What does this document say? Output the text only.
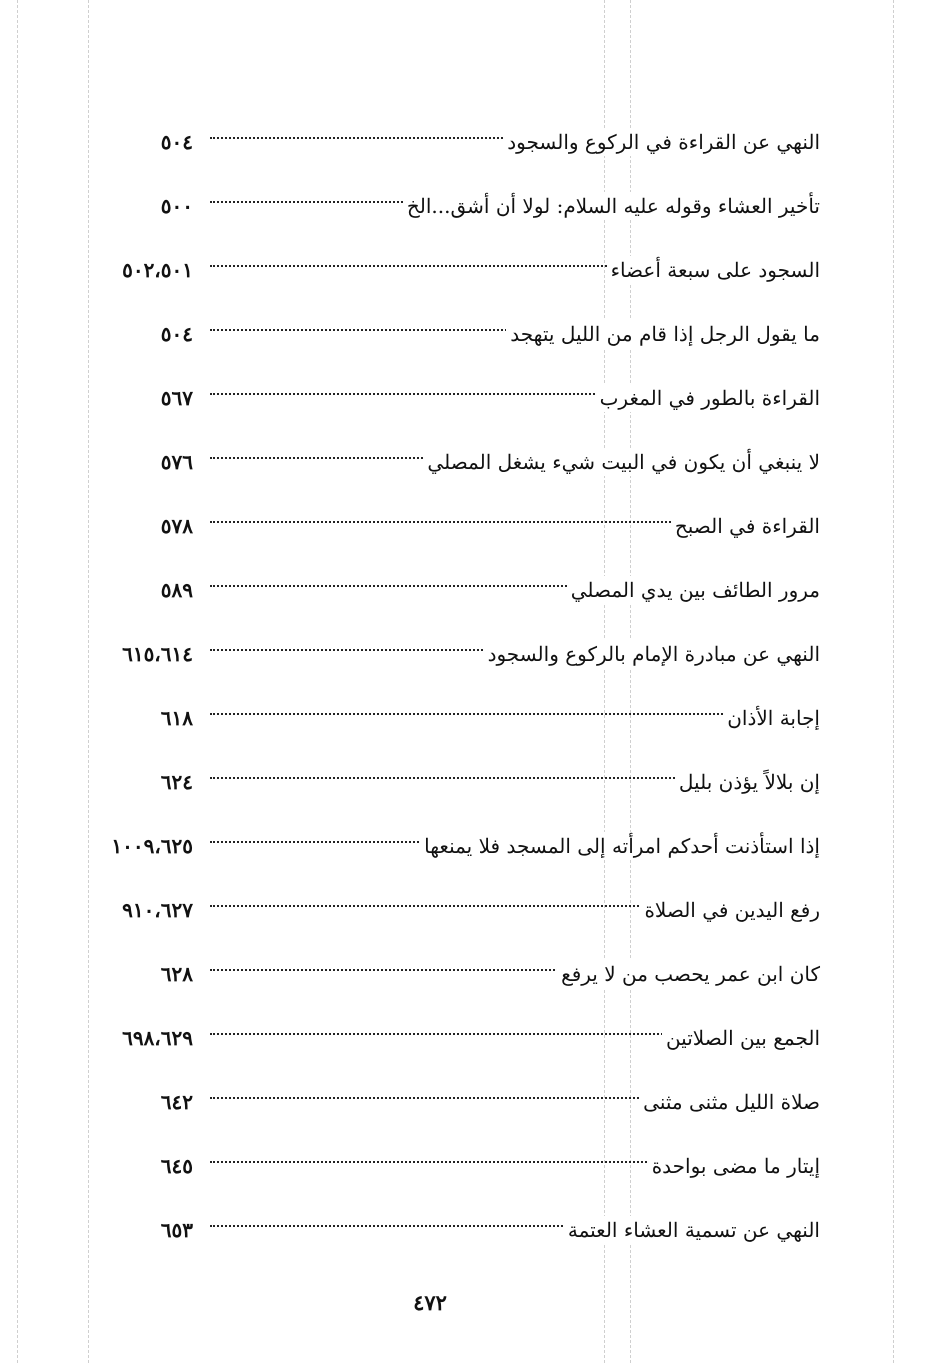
٥٠٤	النهي عن القراءة في الركوع والسجود
٥٠٠	تأخير العشاء وقوله عليه السلام: لولا أن أشق...الخ
٥٠٢،٥٠١	السجود على سبعة أعضاء
٥٠٤	ما يقول الرجل إذا قام من الليل يتهجد
٥٦٧	القراءة بالطور في المغرب
٥٧٦	لا ينبغي أن يكون في البيت شيء يشغل المصلي
٥٧٨	القراءة في الصبح
٥٨٩	مرور الطائف بين يدي المصلي
٦١٥،٦١٤	النهي عن مبادرة الإمام بالركوع والسجود
٦١٨	إجابة الأذان
٦٢٤	إن بلالاً يؤذن بليل
١٠٠٩،٦٢٥	إذا استأذنت أحدكم امرأته إلى المسجد فلا يمنعها
٩١٠،٦٢٧	رفع اليدين في الصلاة
٦٢٨	كان ابن عمر يحصب من لا يرفع
٦٩٨،٦٢٩	الجمع بين الصلاتين
٦٤٢	صلاة الليل مثنى مثنى
٦٤٥	إيتار ما مضى بواحدة
٦٥٣	النهي عن تسمية العشاء العتمة
٤٧٢
